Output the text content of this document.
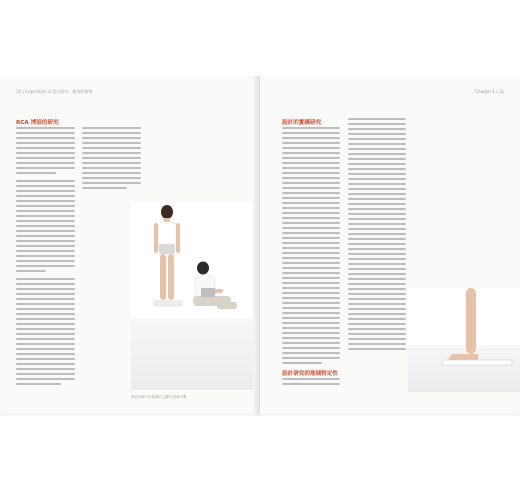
10 | Inspiration in 設計研究：應用的實例
RCA 博設的研究
個設計研究計畫運用人體的 重新評價
Chapter 1 | 11
設計的實踐研究
設計研究的地域特定性
